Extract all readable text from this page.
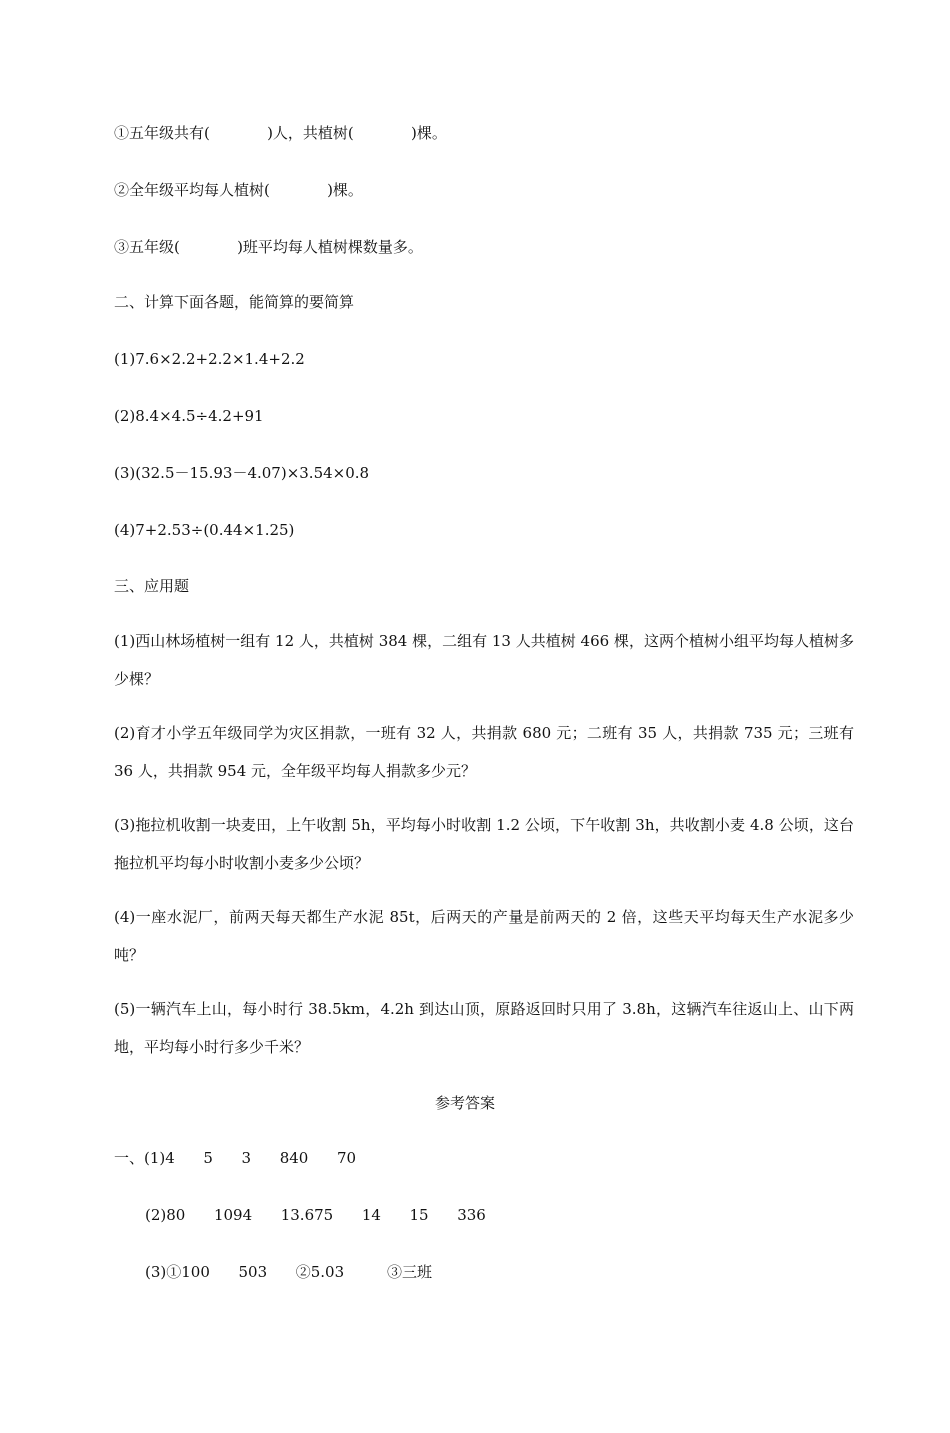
①五年级共有(            )人，共植树(            )棵。
②全年级平均每人植树(            )棵。
③五年级(            )班平均每人植树棵数量多。
二、计算下面各题，能简算的要简算
(1)7.6×2.2+2.2×1.4+2.2
(2)8.4×4.5÷4.2+91
(3)(32.5－15.93－4.07)×3.54×0.8
(4)7+2.53÷(0.44×1.25)
三、应用题
(1)西山林场植树一组有 12 人，共植树 384 棵，二组有 13 人共植树 466 棵，这两个植树小组平均每人植树多少棵？
(2)育才小学五年级同学为灾区捐款，一班有 32 人，共捐款 680 元；二班有 35 人，共捐款 735 元；三班有 36 人，共捐款 954 元，全年级平均每人捐款多少元？
(3)拖拉机收割一块麦田，上午收割 5h，平均每小时收割 1.2 公顷，下午收割 3h，共收割小麦 4.8 公顷，这台拖拉机平均每小时收割小麦多少公顷？
(4)一座水泥厂，前两天每天都生产水泥 85t，后两天的产量是前两天的 2 倍，这些天平均每天生产水泥多少吨？
(5)一辆汽车上山，每小时行 38.5km，4.2h 到达山顶，原路返回时只用了 3.8h，这辆汽车往返山上、山下两地，平均每小时行多少千米？
参考答案
一、(1)4      5      3      840      70
(2)80      1094      13.675      14      15      336
(3)①100      503      ②5.03         ③三班
